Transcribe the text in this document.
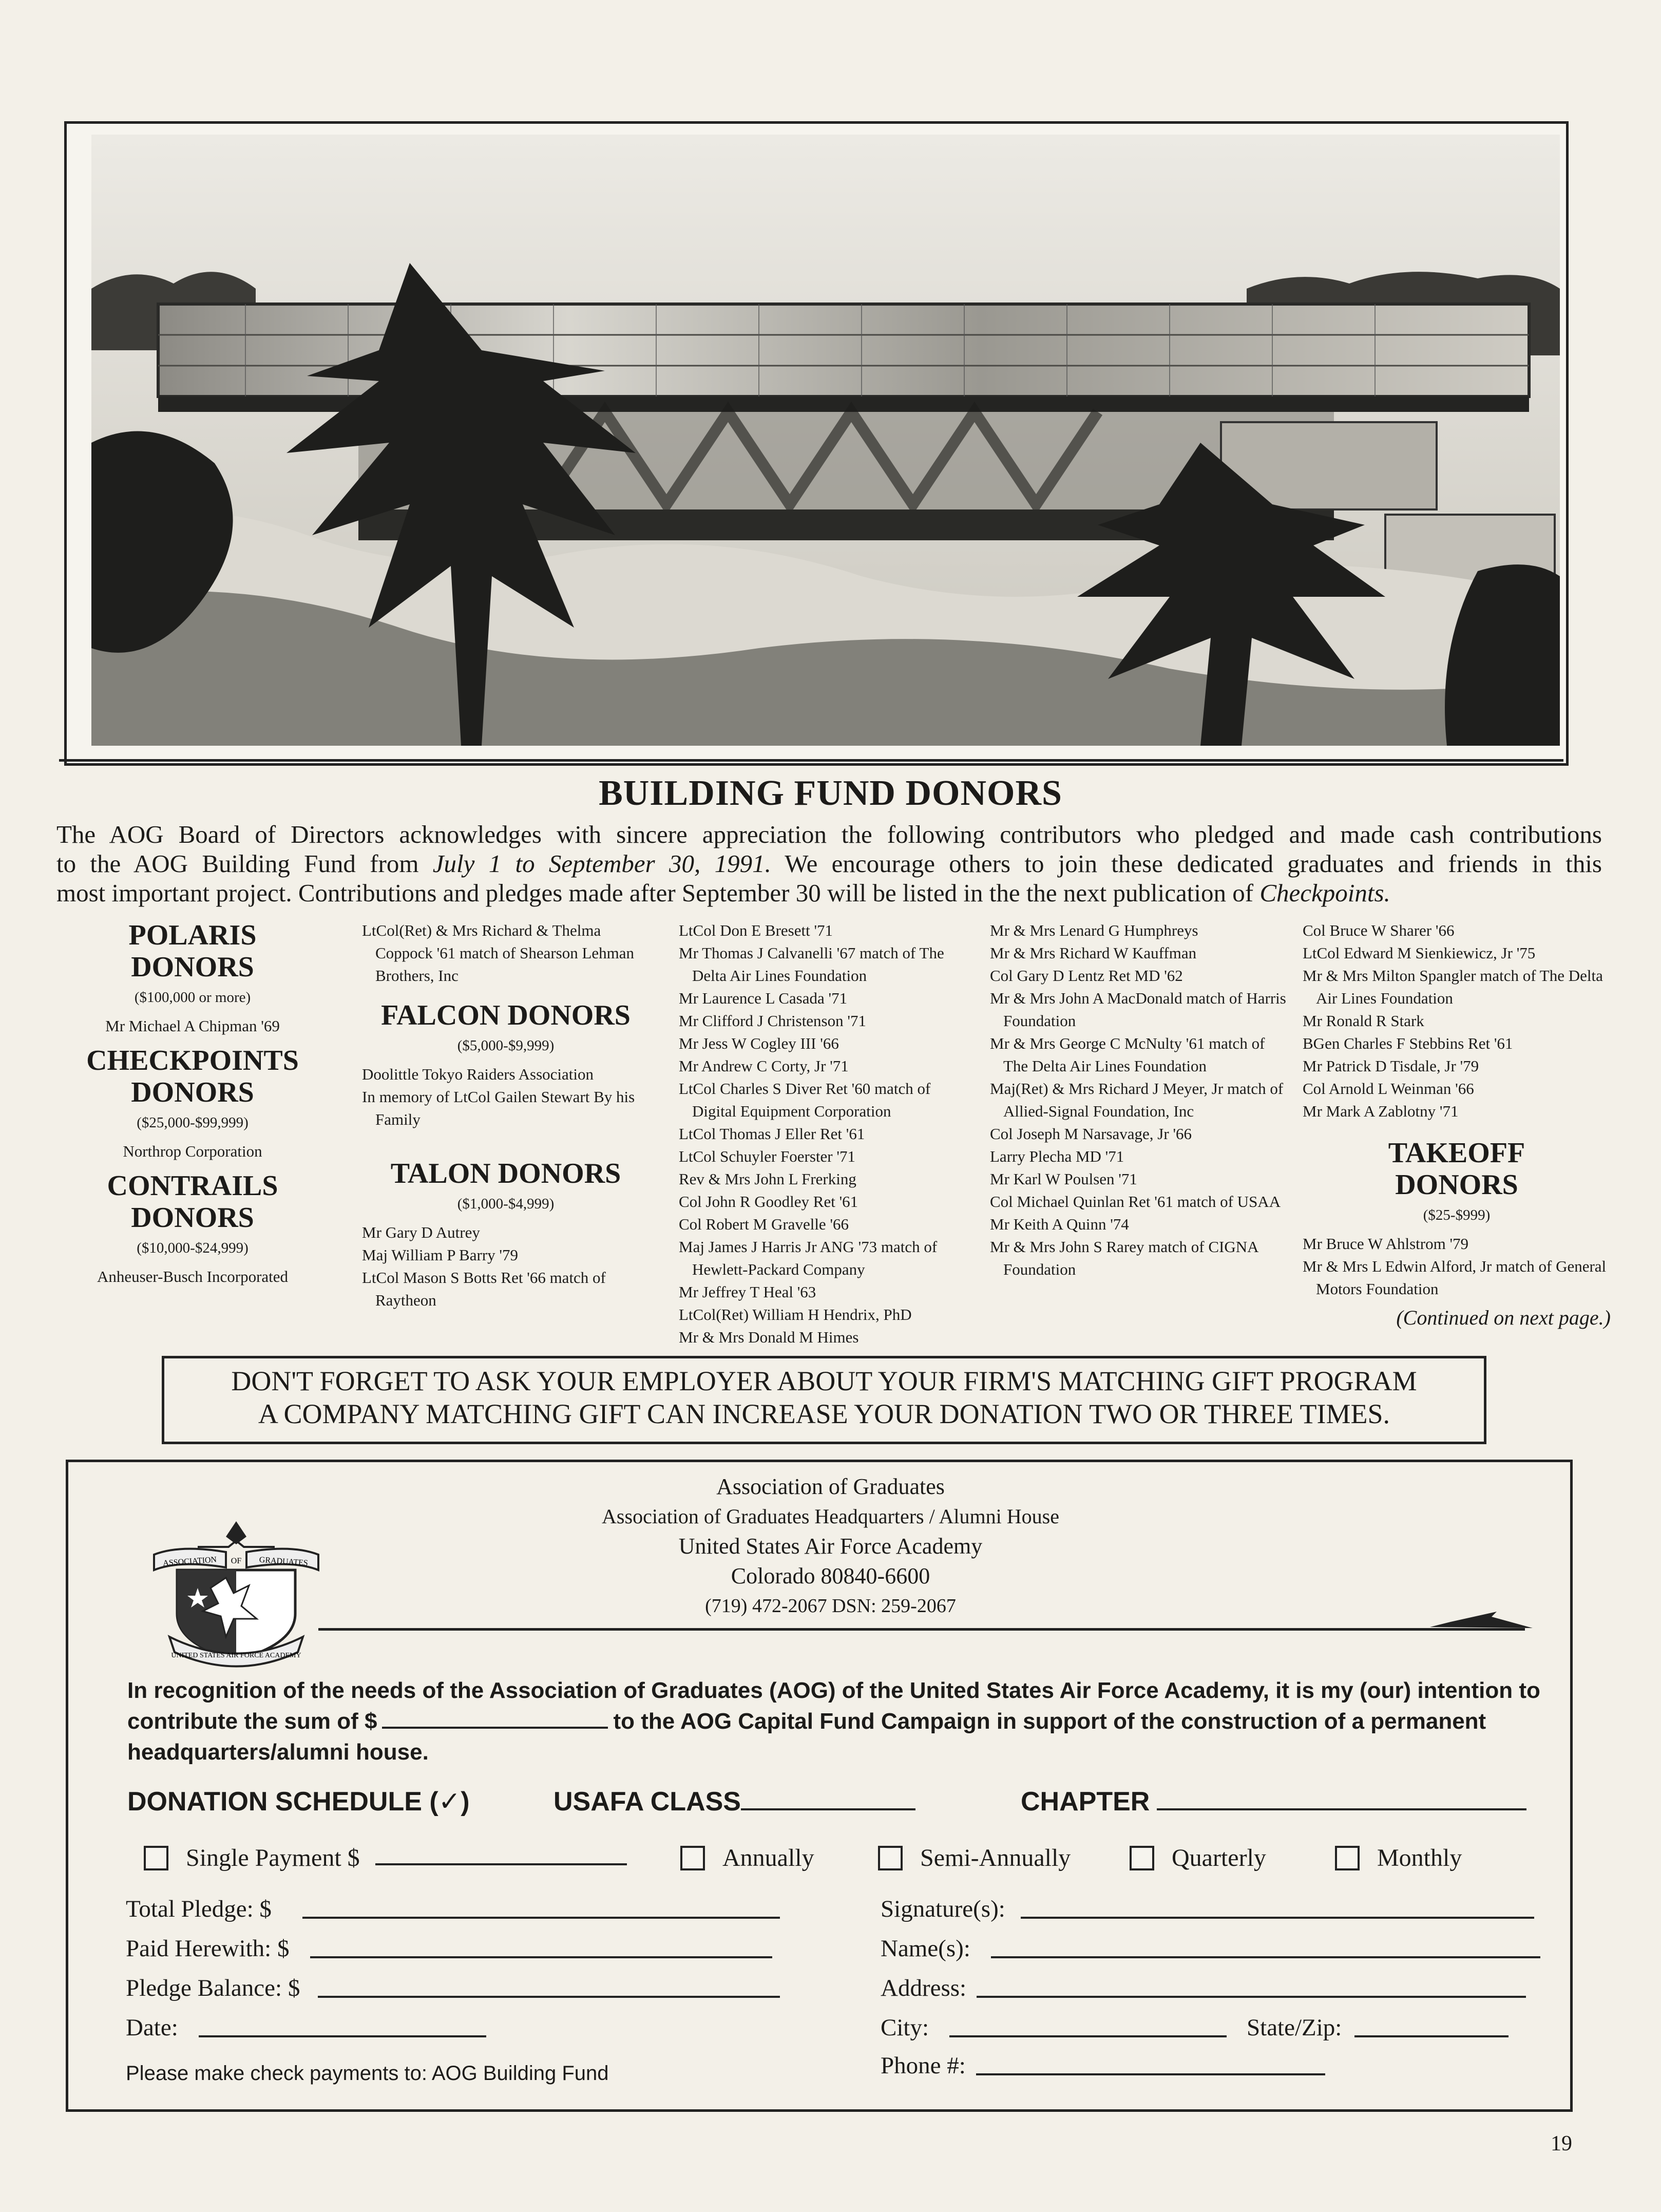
BUILDING FUND DONORS
The AOG Board of Directors acknowledges with sincere appreciation the following contributors who pledged and made cash contributions
to the AOG Building Fund from July 1 to September 30, 1991. We encourage others to join these dedicated graduates and friends in this
most important project. Contributions and pledges made after September 30 will be listed in the the next publication of Checkpoints.
POLARIS
DONORS
($100,000 or more)
Mr Michael A Chipman '69
CHECKPOINTS
DONORS
($25,000-$99,999)
Northrop Corporation
CONTRAILS
DONORS
($10,000-$24,999)
Anheuser-Busch Incorporated
LtCol(Ret) & Mrs Richard & Thelma Coppock '61 match of Shearson Lehman Brothers, Inc
FALCON DONORS
($5,000-$9,999)
Doolittle Tokyo Raiders Association
In memory of LtCol Gailen Stewart By his Family
TALON DONORS
($1,000-$4,999)
Mr Gary D Autrey
Maj William P Barry '79
LtCol Mason S Botts Ret '66 match of Raytheon
LtCol Don E Bresett '71
Mr Thomas J Calvanelli '67 match of The Delta Air Lines Foundation
Mr Laurence L Casada '71
Mr Clifford J Christenson '71
Mr Jess W Cogley III '66
Mr Andrew C Corty, Jr '71
LtCol Charles S Diver Ret '60 match of Digital Equipment Corporation
LtCol Thomas J Eller Ret '61
LtCol Schuyler Foerster '71
Rev & Mrs John L Frerking
Col John R Goodley Ret '61
Col Robert M Gravelle '66
Maj James J Harris Jr ANG '73 match of Hewlett-Packard Company
Mr Jeffrey T Heal '63
LtCol(Ret) William H Hendrix, PhD
Mr & Mrs Donald M Himes
Mr & Mrs Lenard G Humphreys
Mr & Mrs Richard W Kauffman
Col Gary D Lentz Ret MD '62
Mr & Mrs John A MacDonald match of Harris Foundation
Mr & Mrs George C McNulty '61 match of The Delta Air Lines Foundation
Maj(Ret) & Mrs Richard J Meyer, Jr match of Allied-Signal Foundation, Inc
Col Joseph M Narsavage, Jr '66
Larry Plecha MD '71
Mr Karl W Poulsen '71
Col Michael Quinlan Ret '61 match of USAA
Mr Keith A Quinn '74
Mr & Mrs John S Rarey match of CIGNA Foundation
Col Bruce W Sharer '66
LtCol Edward M Sienkiewicz, Jr '75
Mr & Mrs Milton Spangler match of The Delta Air Lines Foundation
Mr Ronald R Stark
BGen Charles F Stebbins Ret '61
Mr Patrick D Tisdale, Jr '79
Col Arnold L Weinman '66
Mr Mark A Zablotny '71
TAKEOFF
DONORS
($25-$999)
Mr Bruce W Ahlstrom '79
Mr & Mrs L Edwin Alford, Jr match of General Motors Foundation
(Continued on next page.)
DON'T FORGET TO ASK YOUR EMPLOYER ABOUT YOUR FIRM'S MATCHING GIFT PROGRAM
A COMPANY MATCHING GIFT CAN INCREASE YOUR DONATION TWO OR THREE TIMES.
ASSOCIATION OF GRADUATES
UNITED STATES AIR FORCE ACADEMY
Association of Graduates
Association of Graduates Headquarters / Alumni House
United States Air Force Academy
Colorado 80840-6600
(719) 472-2067 DSN: 259-2067
In recognition of the needs of the Association of Graduates (AOG) of the United States Air Force Academy, it is my (our) intention to contribute the sum of $	to the AOG Capital Fund Campaign in support of the construction of a permanent headquarters/alumni house.
DONATION SCHEDULE (✓)	USAFA CLASS	CHAPTER
Single Payment $	Annually	Semi-Annually	Quarterly	Monthly
Total Pledge: $
Paid Herewith: $
Pledge Balance: $
Date:
Please make check payments to: AOG Building Fund
Signature(s):
Name(s):
Address:
City:	State/Zip:
Phone #:
19
